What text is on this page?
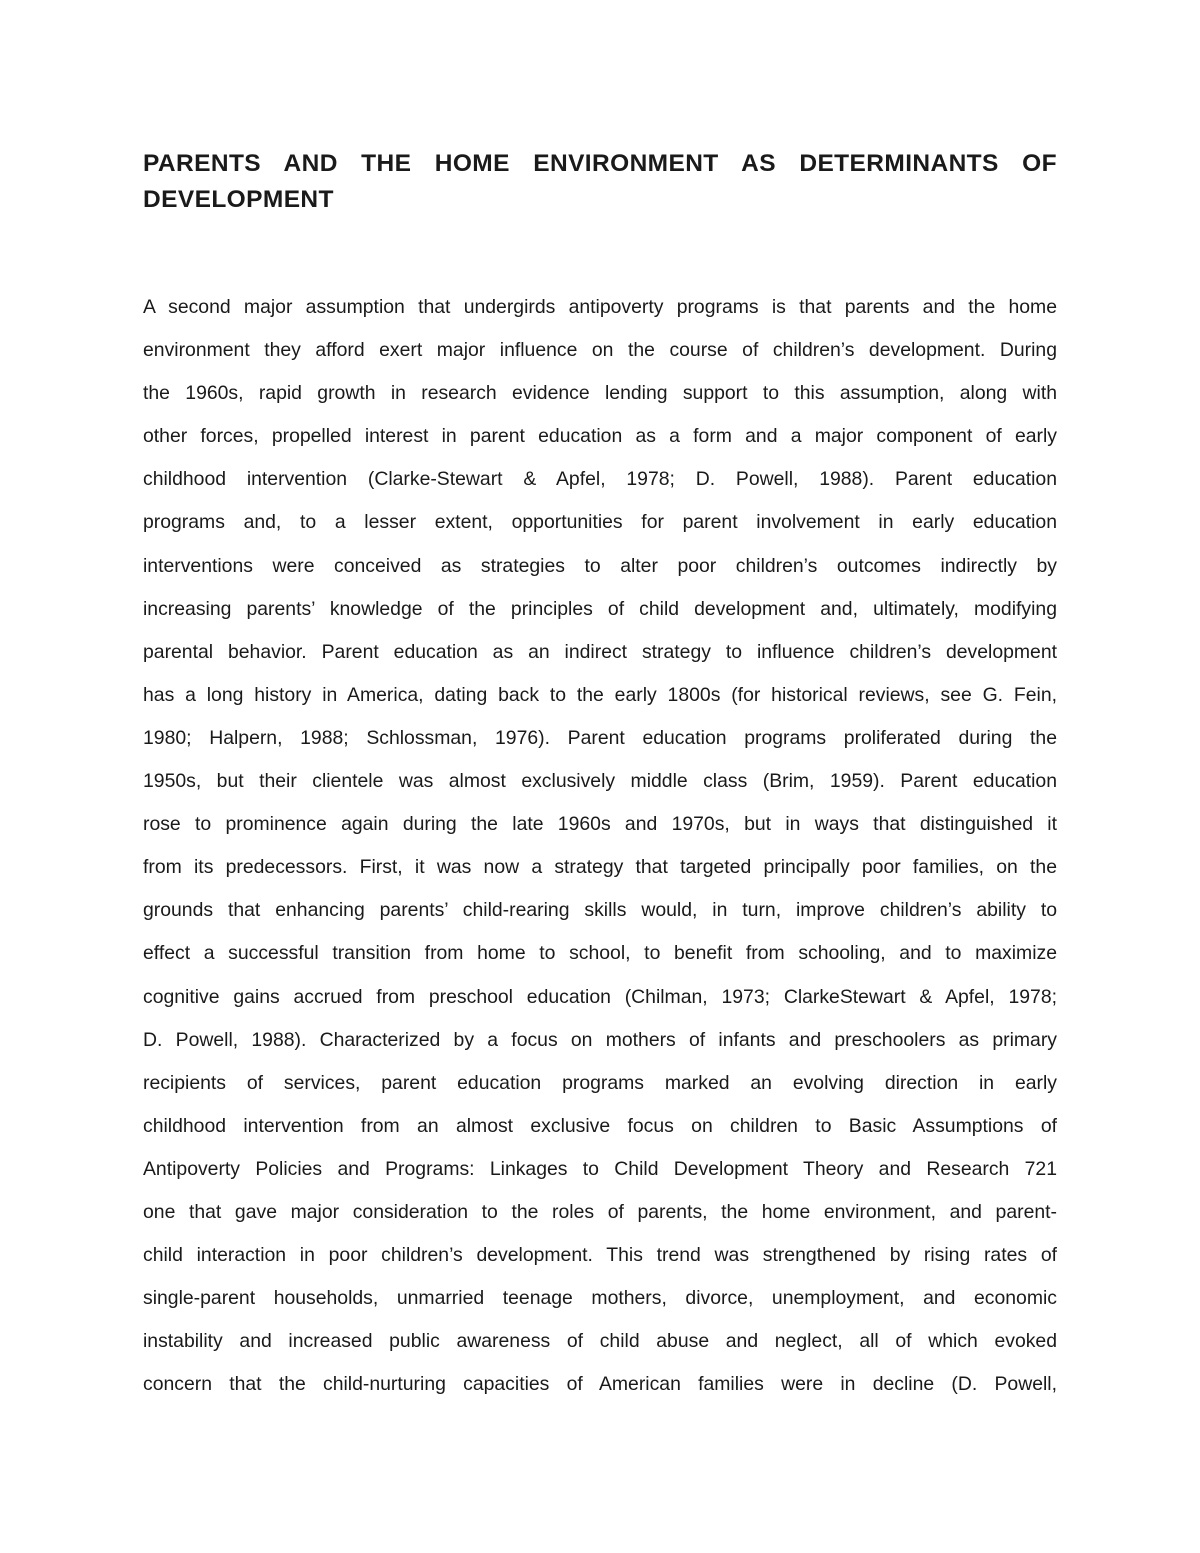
PARENTS AND THE HOME ENVIRONMENT AS DETERMINANTS OF DEVELOPMENT
A second major assumption that undergirds antipoverty programs is that parents and the home
environment they afford exert major influence on the course of children’s development. During
the 1960s, rapid growth in research evidence lending support to this assumption, along with
other forces, propelled interest in parent education as a form and a major component of early
childhood intervention (Clarke-Stewart & Apfel, 1978; D. Powell, 1988). Parent education
programs and, to a lesser extent, opportunities for parent involvement in early education
interventions were conceived as strategies to alter poor children’s outcomes indirectly by
increasing parents’ knowledge of the principles of child development and, ultimately, modifying
parental behavior. Parent education as an indirect strategy to influence children’s development
has a long history in America, dating back to the early 1800s (for historical reviews, see G. Fein,
1980; Halpern, 1988; Schlossman, 1976). Parent education programs proliferated during the
1950s, but their clientele was almost exclusively middle class (Brim, 1959). Parent education
rose to prominence again during the late 1960s and 1970s, but in ways that distinguished it
from its predecessors. First, it was now a strategy that targeted principally poor families, on the
grounds that enhancing parents’ child-rearing skills would, in turn, improve children’s ability to
effect a successful transition from home to school, to benefit from schooling, and to maximize
cognitive gains accrued from preschool education (Chilman, 1973; ClarkeStewart & Apfel, 1978;
D. Powell, 1988). Characterized by a focus on mothers of infants and preschoolers as primary
recipients of services, parent education programs marked an evolving direction in early
childhood intervention from an almost exclusive focus on children to Basic Assumptions of
Antipoverty Policies and Programs: Linkages to Child Development Theory and Research 721
one that gave major consideration to the roles of parents, the home environment, and parent-
child interaction in poor children’s development. This trend was strengthened by rising rates of
single-parent households, unmarried teenage mothers, divorce, unemployment, and economic
instability and increased public awareness of child abuse and neglect, all of which evoked
concern that the child-nurturing capacities of American families were in decline (D. Powell,
